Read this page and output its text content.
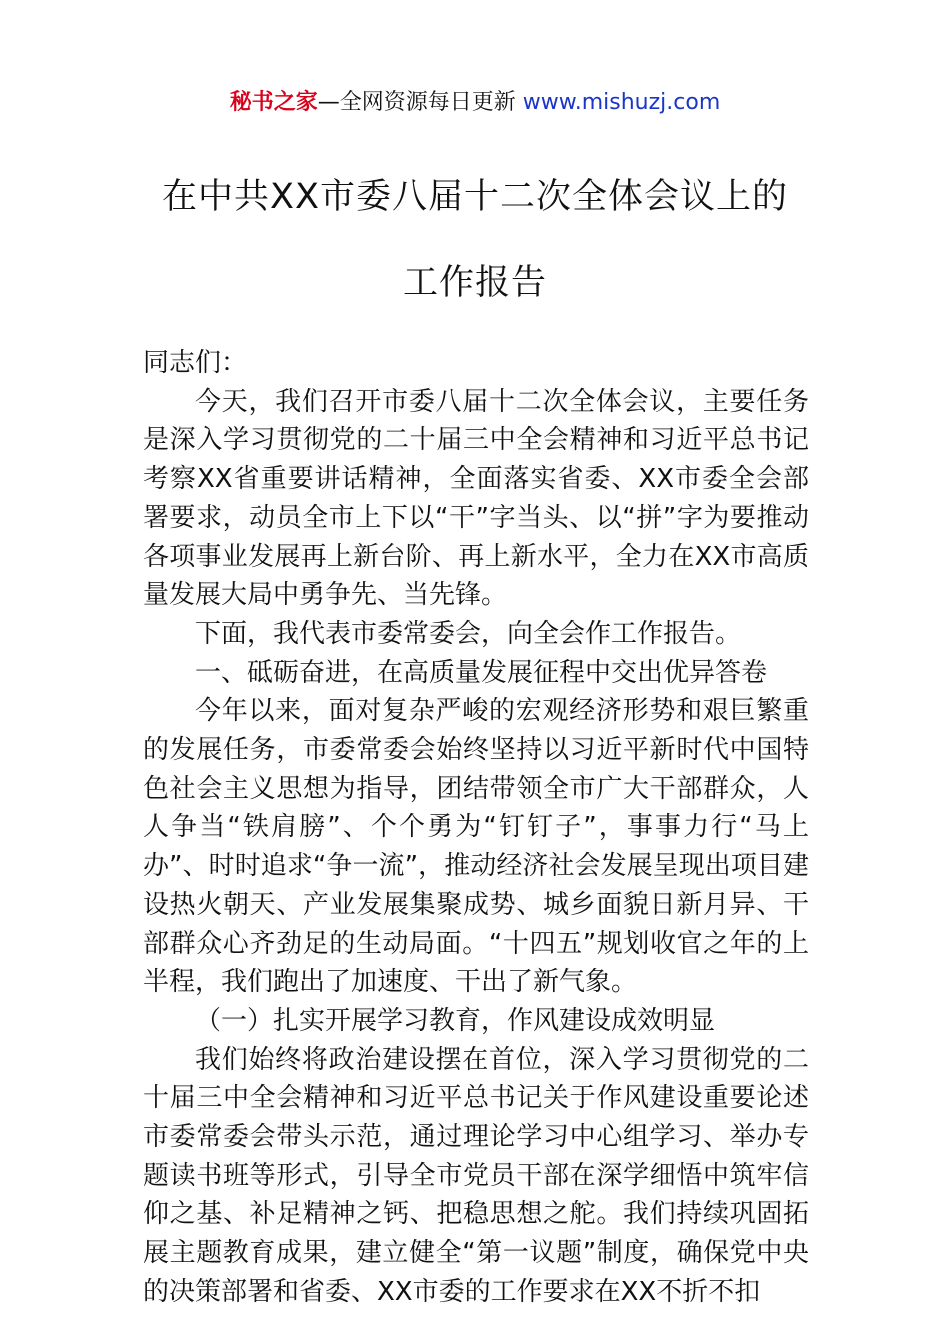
秘书之家—全网资源每日更新 www.mishuzj.com
在中共XX市委八届十二次全体会议上的
工作报告

同志们：

今天，我们召开市委八届十二次全体会议，主要任务是深入学习贯彻党的二十届三中全会精神和习近平总书记考察XX省重要讲话精神，全面落实省委、XX市委全会部署要求，动员全市上下以“干”字当头、以“拼”字为要推动各项事业发展再上新台阶、再上新水平，全力在XX市高质量发展大局中勇争先、当先锋。

下面，我代表市委常委会，向全会作工作报告。

一、砥砺奋进，在高质量发展征程中交出优异答卷

今年以来，面对复杂严峻的宏观经济形势和艰巨繁重的发展任务，市委常委会始终坚持以习近平新时代中国特色社会主义思想为指导，团结带领全市广大干部群众，人人争当“铁肩膀”、个个勇为“钉钉子”，事事力行“马上办”、时时追求“争一流”，推动经济社会发展呈现出项目建设热火朝天、产业发展集聚成势、城乡面貌日新月异、干部群众心齐劲足的生动局面。“十四五”规划收官之年的上半程，我们跑出了加速度、干出了新气象。

（一）扎实开展学习教育，作风建设成效明显

我们始终将政治建设摆在首位，深入学习贯彻党的二十届三中全会精神和习近平总书记关于作风建设重要论述市委常委会带头示范，通过理论学习中心组学习、举办专题读书班等形式，引导全市党员干部在深学细悟中筑牢信仰之基、补足精神之钙、把稳思想之舵。我们持续巩固拓展主题教育成果，建立健全“第一议题”制度，确保党中央的决策部署和省委、XX市委的工作要求在XX不折不扣
